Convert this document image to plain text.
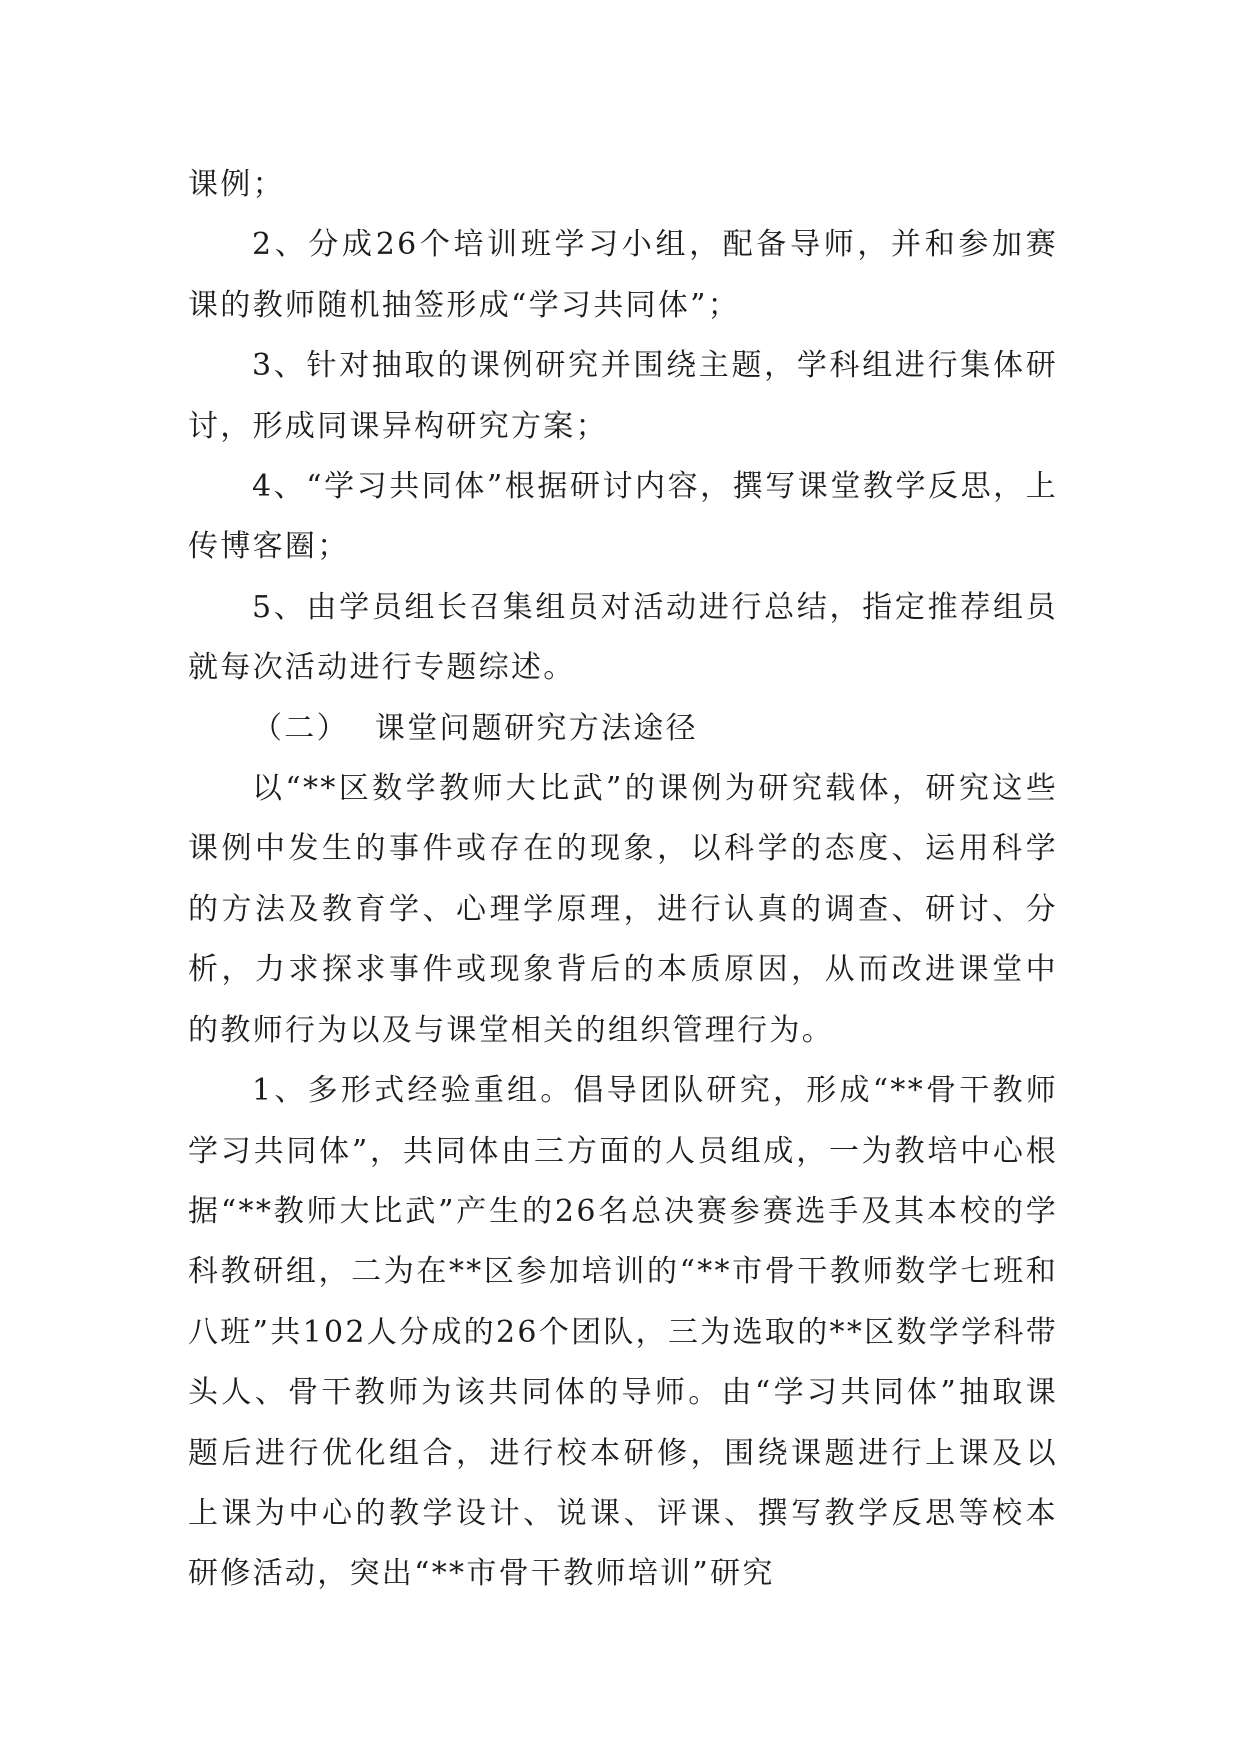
课例；

2、分成26个培训班学习小组，配备导师，并和参加赛课的教师随机抽签形成“学习共同体”；

3、针对抽取的课例研究并围绕主题，学科组进行集体研讨，形成同课异构研究方案；

4、“学习共同体”根据研讨内容，撰写课堂教学反思，上传博客圈；

5、由学员组长召集组员对活动进行总结，指定推荐组员就每次活动进行专题综述。

（二） 课堂问题研究方法途径

以“**区数学教师大比武”的课例为研究载体，研究这些课例中发生的事件或存在的现象，以科学的态度、运用科学的方法及教育学、心理学原理，进行认真的调查、研讨、分析，力求探求事件或现象背后的本质原因，从而改进课堂中的教师行为以及与课堂相关的组织管理行为。

1、多形式经验重组。倡导团队研究，形成“**骨干教师学习共同体”，共同体由三方面的人员组成，一为教培中心根据“**教师大比武”产生的26名总决赛参赛选手及其本校的学科教研组，二为在**区参加培训的“**市骨干教师数学七班和八班”共102人分成的26个团队，三为选取的**区数学学科带头人、骨干教师为该共同体的导师。由“学习共同体”抽取课题后进行优化组合，进行校本研修，围绕课题进行上课及以上课为中心的教学设计、说课、评课、撰写教学反思等校本研修活动，突出“**市骨干教师培训”研究
